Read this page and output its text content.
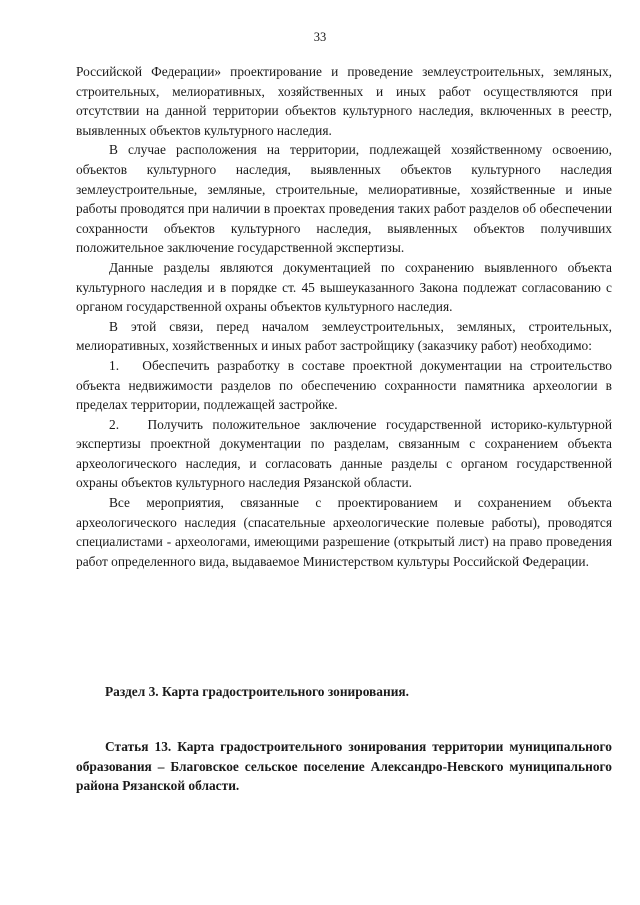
33

Российской Федерации» проектирование и проведение землеустроительных, земляных, строительных, мелиоративных, хозяйственных и иных работ осуществляются при отсутствии на данной территории объектов культурного наследия, включенных в реестр, выявленных объектов культурного наследия.

В случае расположения на территории, подлежащей хозяйственному освоению, объектов культурного наследия, выявленных объектов культурного наследия землеустроительные, земляные, строительные, мелиоративные, хозяйственные и иные работы проводятся при наличии в проектах проведения таких работ разделов об обеспечении сохранности объектов культурного наследия, выявленных объектов получивших положительное заключение государственной экспертизы.

Данные разделы являются документацией по сохранению выявленного объекта культурного наследия и в порядке ст. 45 вышеуказанного Закона подлежат согласованию с органом государственной охраны объектов культурного наследия.

В этой связи, перед началом землеустроительных, земляных, строительных, мелиоративных, хозяйственных и иных работ застройщику (заказчику работ) необходимо:

1.   Обеспечить разработку в составе проектной документации на строительство объекта недвижимости разделов по обеспечению сохранности памятника археологии в пределах территории, подлежащей застройке.

2.   Получить положительное заключение государственной историко-культурной экспертизы проектной документации по разделам, связанным с сохранением объекта археологического наследия, и согласовать данные разделы с органом государственной охраны объектов культурного наследия Рязанской области.

Все мероприятия, связанные с проектированием и сохранением объекта археологического наследия (спасательные археологические полевые работы), проводятся специалистами - археологами, имеющими разрешение (открытый лист) на право проведения работ определенного вида, выдаваемое Министерством культуры Российской Федерации.

Раздел 3. Карта градостроительного зонирования.
Статья 13. Карта градостроительного зонирования территории муниципального образования – Благовское сельское поселение Александро-Невского муниципального района Рязанской области.
